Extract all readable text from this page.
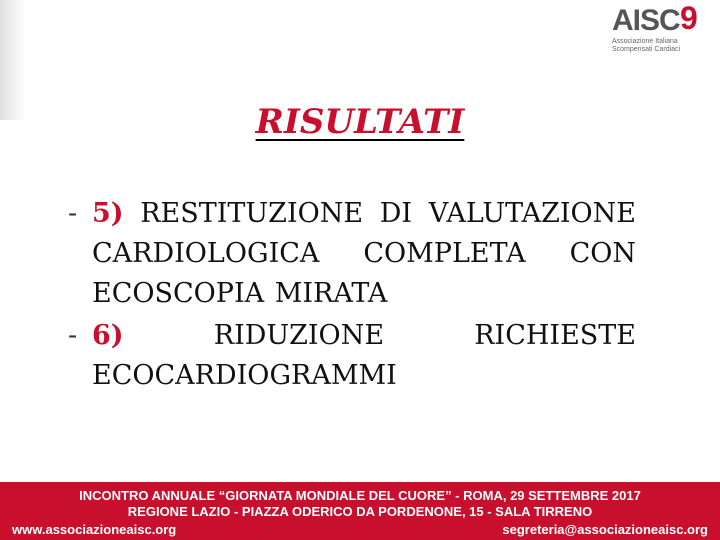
AISC 9
Associazione Italiana Scompensati Cardiaci
RISULTATI
- 5) RESTITUZIONE DI VALUTAZIONE CARDIOLOGICA COMPLETA CON ECOSCOPIA MIRATA
- 6) RIDUZIONE RICHIESTE ECOCARDIOGRAMMI
INCONTRO ANNUALE “GIORNATA MONDIALE DEL CUORE” - ROMA, 29 SETTEMBRE 2017
REGIONE LAZIO - PIAZZA ODERICO DA PORDENONE, 15 - SALA TIRRENO
www.associazioneaisc.org	segreteria@associazioneaisc.org
